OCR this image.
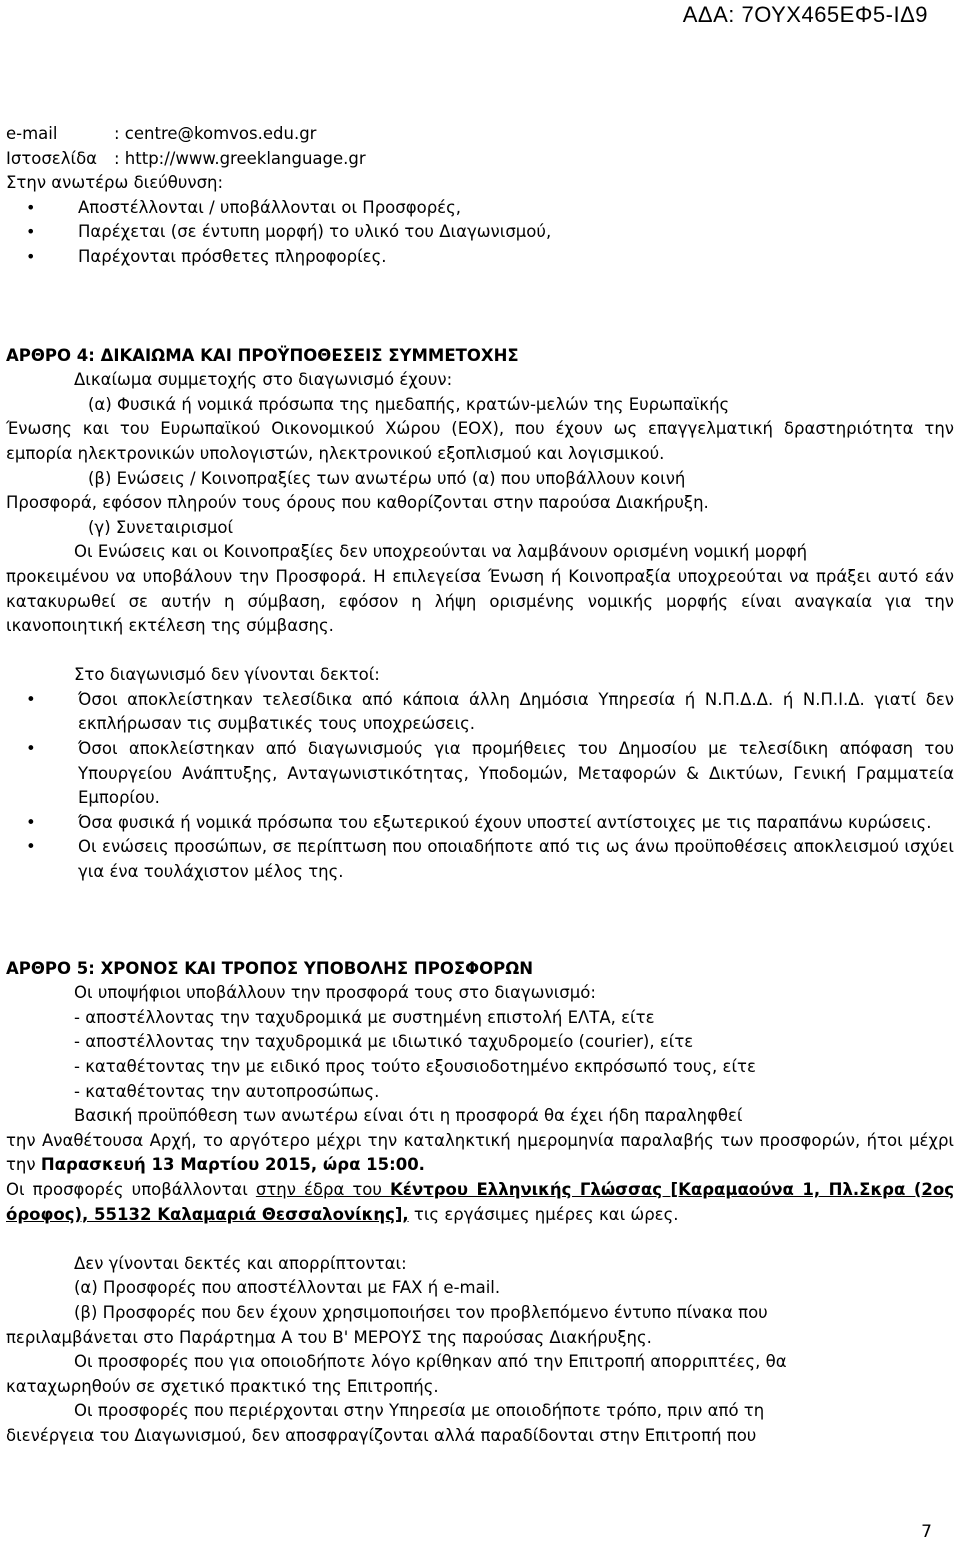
ΑΔΑ: 7ΟΥΧ465ΕΦ5-ΙΔ9
e-mail	: centre@komvos.edu.gr
Ιστοσελίδα	: http://www.greeklanguage.gr
Στην ανωτέρω διεύθυνση:
• Αποστέλλονται / υποβάλλονται οι Προσφορές,
• Παρέχεται (σε έντυπη μορφή) το υλικό του Διαγωνισμού,
• Παρέχονται πρόσθετες πληροφορίες.
ΑΡΘΡΟ 4: ΔΙΚΑΙΩΜΑ ΚΑΙ ΠΡΟΫΠΟΘΕΣΕΙΣ ΣΥΜΜΕΤΟΧΗΣ
Δικαίωμα συμμετοχής στο διαγωνισμό έχουν:
(α) Φυσικά ή νομικά πρόσωπα της ημεδαπής, κρατών-μελών της Ευρωπαϊκής
Ένωσης και του Ευρωπαϊκού Οικονομικού Χώρου (ΕΟΧ), που έχουν ως επαγγελματική δραστηριότητα την εμπορία ηλεκτρονικών υπολογιστών, ηλεκτρονικού εξοπλισμού και λογισμικού.
(β) Ενώσεις / Κοινοπραξίες των ανωτέρω υπό (α) που υποβάλλουν κοινή
Προσφορά, εφόσον πληρούν τους όρους που καθορίζονται στην παρούσα Διακήρυξη.
(γ) Συνεταιρισμοί
Οι Ενώσεις και οι Κοινοπραξίες δεν υποχρεούνται να λαμβάνουν ορισμένη νομική μορφή
προκειμένου να υποβάλουν την Προσφορά. Η επιλεγείσα Ένωση ή Κοινοπραξία υποχρεούται να πράξει αυτό εάν κατακυρωθεί σε αυτήν η σύμβαση, εφόσον η λήψη ορισμένης νομικής μορφής είναι αναγκαία για την ικανοποιητική εκτέλεση της σύμβασης.
Στο διαγωνισμό δεν γίνονται δεκτοί:
•	Όσοι αποκλείστηκαν τελεσίδικα από κάποια άλλη Δημόσια Υπηρεσία ή Ν.Π.Δ.Δ. ή Ν.Π.Ι.Δ. γιατί δεν εκπλήρωσαν τις συμβατικές τους υποχρεώσεις.
•	Όσοι αποκλείστηκαν από διαγωνισμούς για προμήθειες του Δημοσίου με τελεσίδικη απόφαση του Υπουργείου Ανάπτυξης, Ανταγωνιστικότητας, Υποδομών, Μεταφορών & Δικτύων, Γενική Γραμματεία Εμπορίου.
•	Όσα φυσικά ή νομικά πρόσωπα του εξωτερικού έχουν υποστεί αντίστοιχες με τις παραπάνω κυρώσεις.
•	Οι ενώσεις προσώπων, σε περίπτωση που οποιαδήποτε από τις ως άνω προϋποθέσεις αποκλεισμού ισχύει για ένα τουλάχιστον μέλος της.
ΑΡΘΡΟ 5: ΧΡΟΝΟΣ ΚΑΙ ΤΡΟΠΟΣ ΥΠΟΒΟΛΗΣ ΠΡΟΣΦΟΡΩΝ
Οι υποψήφιοι υποβάλλουν την προσφορά τους στο διαγωνισμό:
- αποστέλλοντας την ταχυδρομικά με συστημένη επιστολή ΕΛΤΑ, είτε
- αποστέλλοντας την ταχυδρομικά με ιδιωτικό ταχυδρομείο (courier), είτε
- καταθέτοντας την με ειδικό προς τούτο εξουσιοδοτημένο εκπρόσωπό τους, είτε
- καταθέτοντας την αυτοπροσώπως.
Βασική προϋπόθεση των ανωτέρω είναι ότι η προσφορά θα έχει ήδη παραληφθεί
την Αναθέτουσα Αρχή, το αργότερο μέχρι την καταληκτική ημερομηνία παραλαβής των προσφορών, ήτοι μέχρι την Παρασκευή 13 Μαρτίου 2015, ώρα 15:00.
Οι προσφορές υποβάλλονται στην έδρα του Κέντρου Ελληνικής Γλώσσας [Καραμαούνα 1, Πλ.Σκρα (2ος όροφος), 55132 Καλαμαριά Θεσσαλονίκης], τις εργάσιμες ημέρες και ώρες.
Δεν γίνονται δεκτές και απορρίπτονται:
(α) Προσφορές που αποστέλλονται με FAX ή e-mail.
(β) Προσφορές που δεν έχουν χρησιμοποιήσει τον προβλεπόμενο έντυπο πίνακα που
περιλαμβάνεται στο Παράρτημα Α του Β' ΜΕΡΟΥΣ της παρούσας Διακήρυξης.
Οι προσφορές που για οποιοδήποτε λόγο κρίθηκαν από την Επιτροπή απορριπτέες, θα
καταχωρηθούν σε σχετικό πρακτικό της Επιτροπής.
Οι προσφορές που περιέρχονται στην Υπηρεσία με οποιοδήποτε τρόπο, πριν από τη
διενέργεια του Διαγωνισμού, δεν αποσφραγίζονται αλλά παραδίδονται στην Επιτροπή που
7
